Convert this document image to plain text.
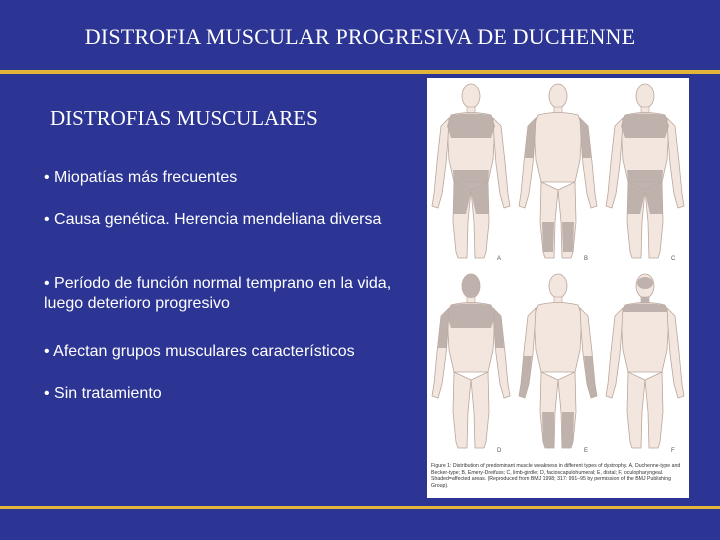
DISTROFIA MUSCULAR PROGRESIVA DE DUCHENNE
DISTROFIAS MUSCULARES
• Miopatías más frecuentes
• Causa genética. Herencia mendeliana diversa
• Período de función normal temprano en la vida, luego deterioro progresivo
• Afectan grupos musculares característicos
• Sin tratamiento
A	B	C
D	E	F
Figure 1: Distribution of predominant muscle weakness in different types of dystrophy. A, Duchenne-type and Becker-type; B, Emery-Dreifuss; C, limb-girdle; D, facioscapulohumeral; E, distal; F, oculopharyngeal. Shaded=affected areas. (Reproduced from BMJ 1998; 317: 991–95 by permission of the BMJ Publishing Group).
